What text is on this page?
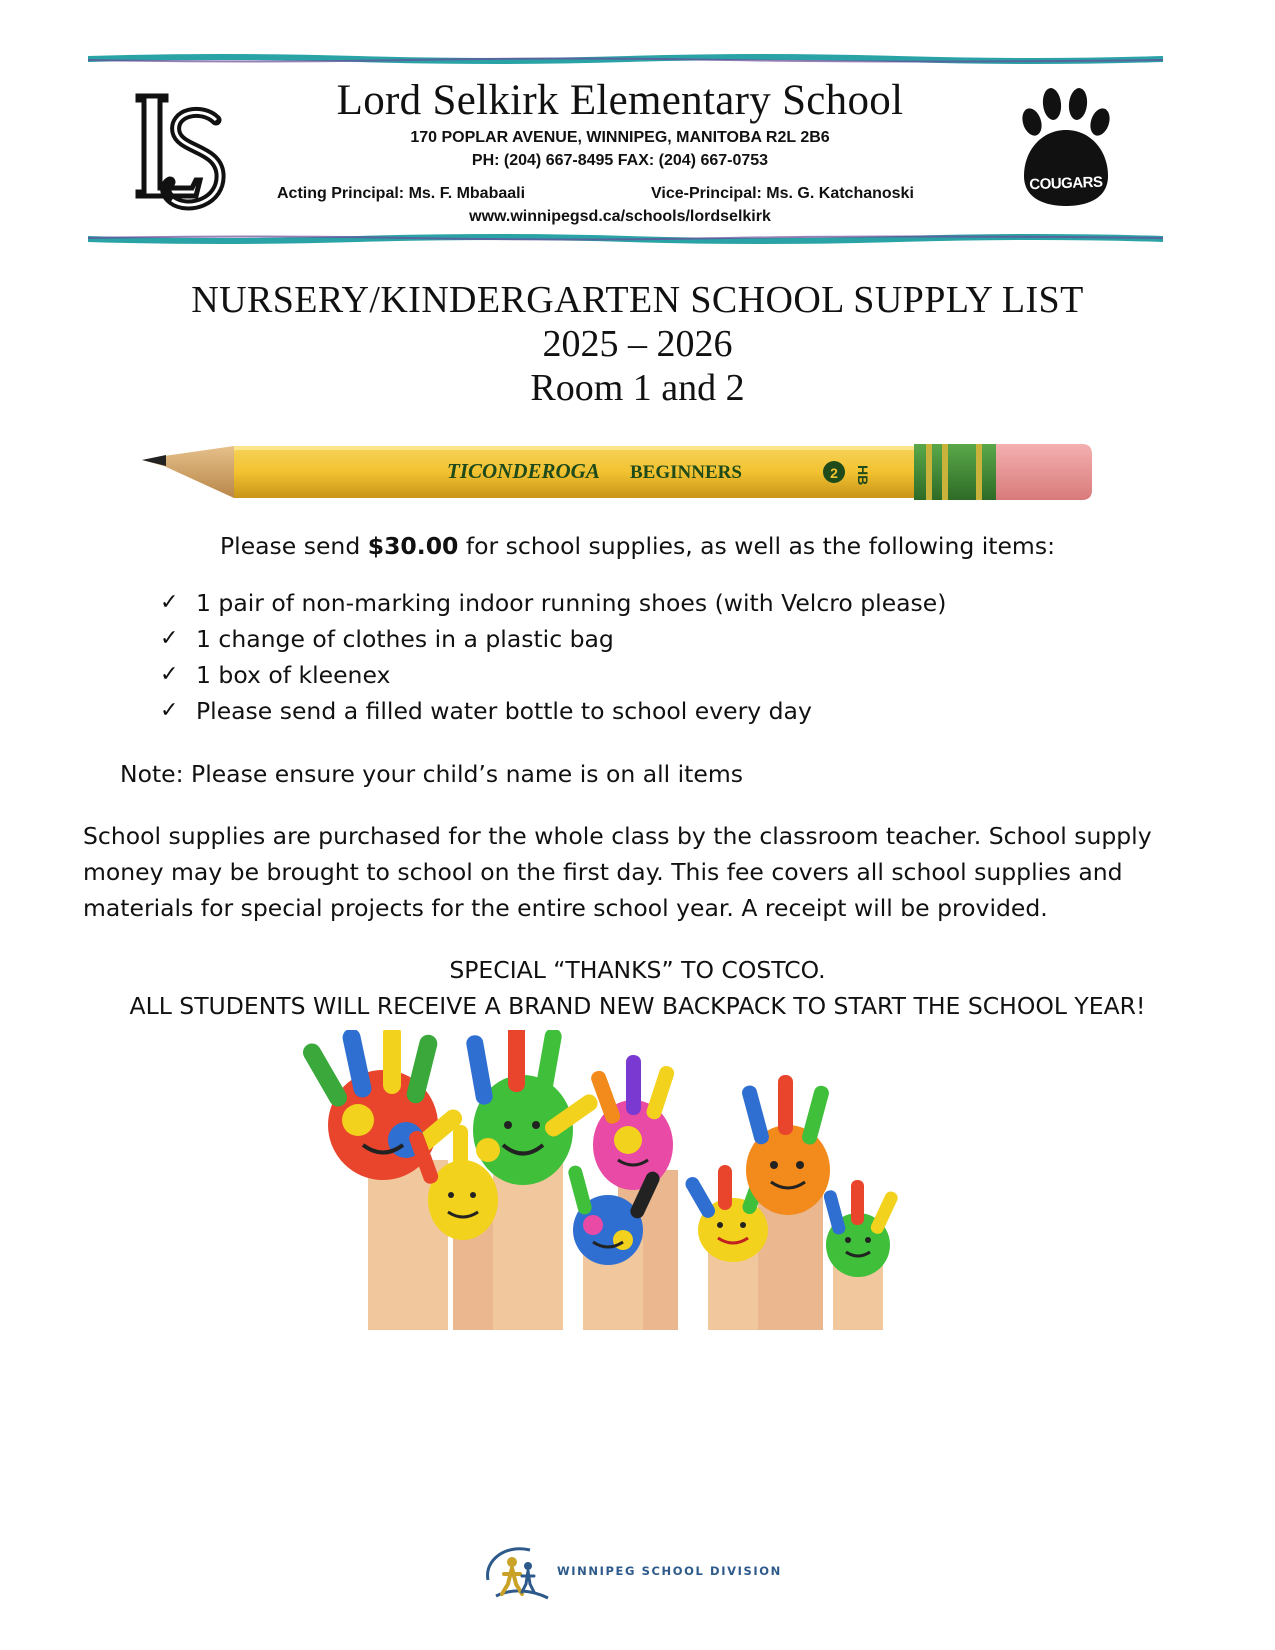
COUGARS
Lord Selkirk Elementary School
170 POPLAR AVENUE, WINNIPEG, MANITOBA R2L 2B6
PH: (204) 667-8495 FAX: (204) 667-0753
Acting Principal: Ms. F. Mbabaali	Vice-Principal: Ms. G. Katchanoski
www.winnipegsd.ca/schools/lordselkirk
NURSERY/KINDERGARTEN SCHOOL SUPPLY LIST
2025 – 2026
Room 1 and 2
TICONDEROGA BEGINNERS	2 HB
Please send $30.00 for school supplies, as well as the following items:
✓ 1 pair of non-marking indoor running shoes (with Velcro please)
✓ 1 change of clothes in a plastic bag
✓ 1 box of kleenex
✓ Please send a filled water bottle to school every day
Note: Please ensure your child’s name is on all items
School supplies are purchased for the whole class by the classroom teacher. School supply
money may be brought to school on the first day. This fee covers all school supplies and
materials for special projects for the entire school year. A receipt will be provided.
SPECIAL “THANKS” TO COSTCO.
ALL STUDENTS WILL RECEIVE A BRAND NEW BACKPACK TO START THE SCHOOL YEAR!
WINNIPEG SCHOOL DIVISION
